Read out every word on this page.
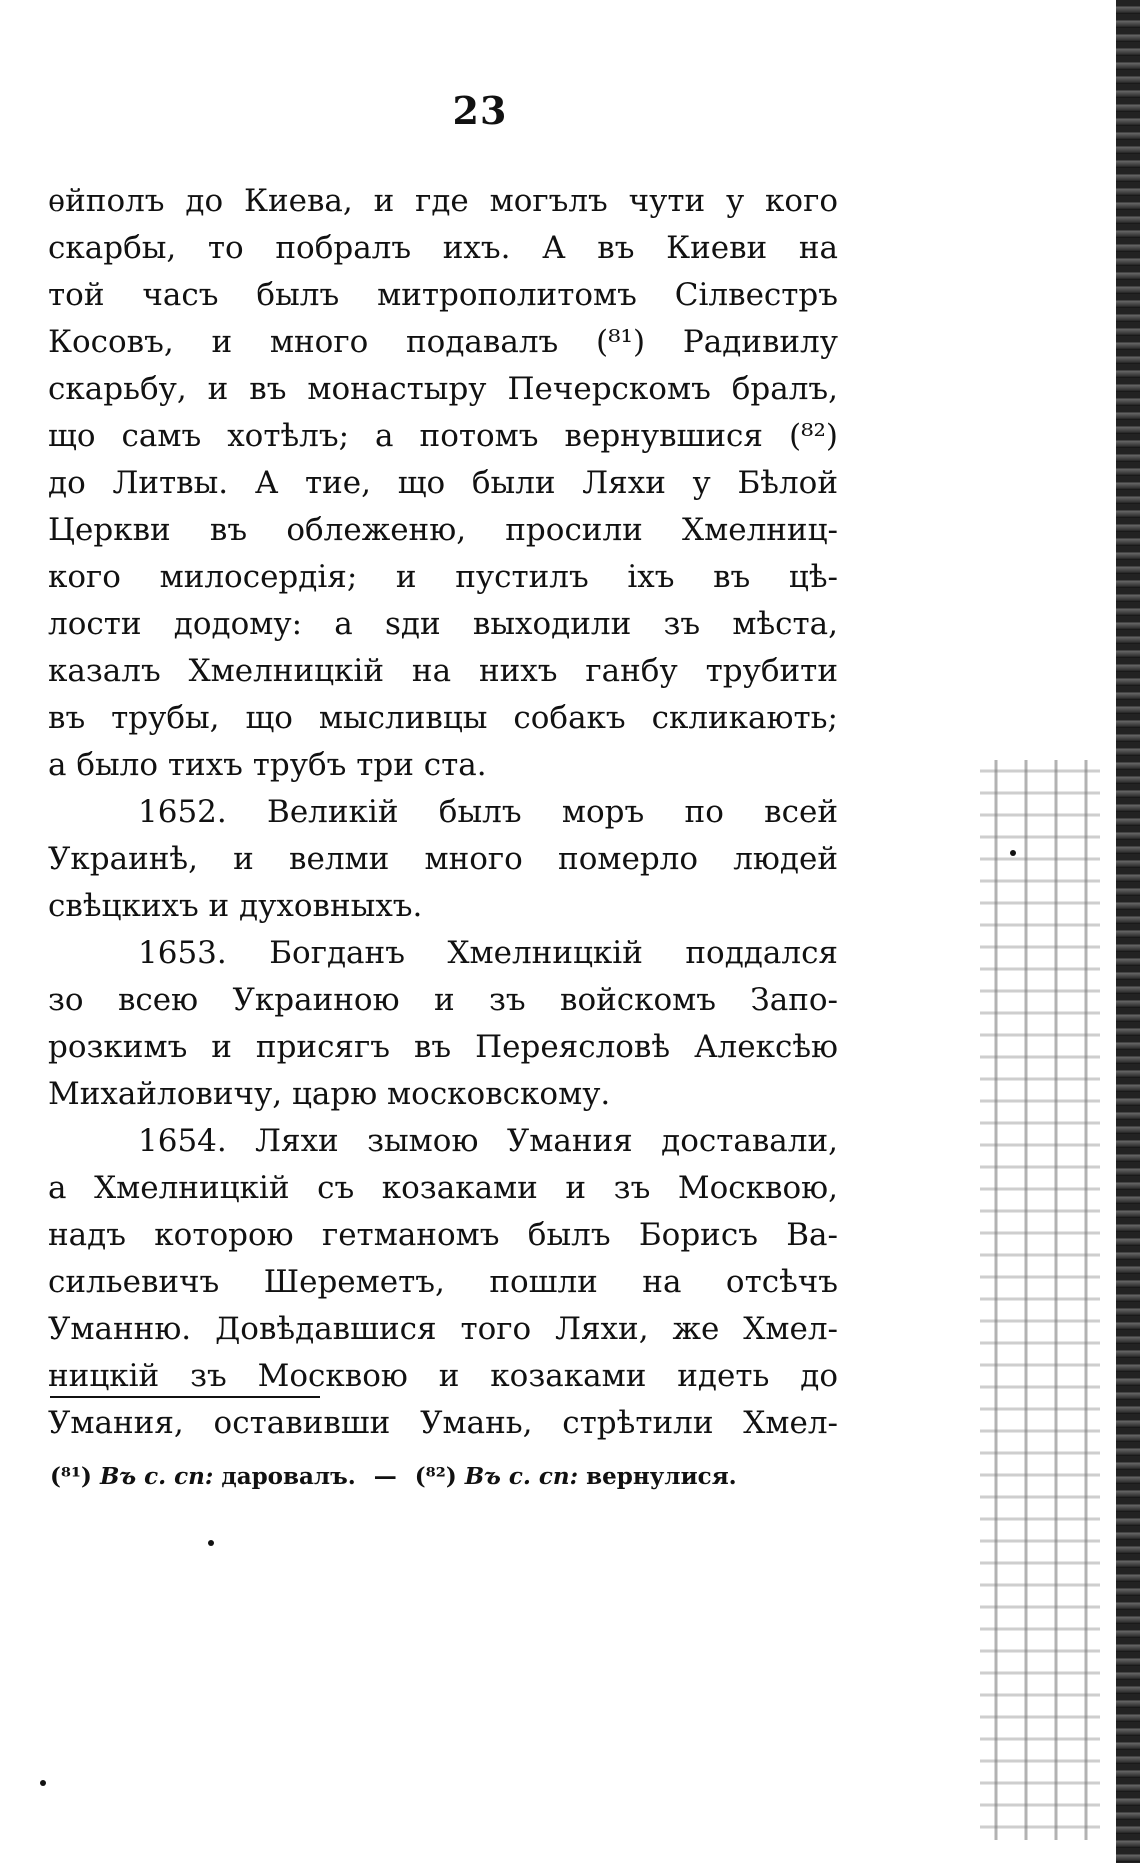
23
ѳйполъ до Киева, и где могълъ чути у кого
скарбы, то побралъ ихъ. А въ Киеви на
той часъ былъ митрополитомъ Сілвестръ
Косовъ, и много подавалъ (⁸¹) Радивилу
скарьбу, и въ монастыру Печерскомъ бралъ,
що самъ хотѣлъ; а потомъ вернувшися (⁸²)
до Литвы. А тие, що были Ляхи у Бѣлой
Церкви въ облеженю, просили Хмелниц-
кого милосердія; и пустилъ іхъ въ цѣ-
лости додому: а ѕди выходили зъ мѣста,
казалъ Хмелницкій на нихъ ганбу трубити
въ трубы, що мысливцы собакъ скликають;
а было тихъ трубъ три ста.
1652. Великій былъ моръ по всей
Украинѣ, и велми много померло людей
свѣцкихъ и духовныхъ.
1653. Богданъ Хмелницкій поддался
зо всею Украиною и зъ войскомъ Запо-
розкимъ и присягъ въ Переясловѣ Алексѣю
Михайловичу, царю московскому.
1654. Ляхи зымою Умания доставали,
а Хмелницкій съ козаками и зъ Москвою,
надъ которою гетманомъ былъ Борисъ Ва-
сильевичъ Шереметъ, пошли на отсѣчъ
Уманню. Довѣдавшися того Ляхи, же Хмел-
ницкій зъ Москвою и козаками идеть до
Умания, оставивши Умань, стрѣтили Хмел-
(⁸¹) Въ с. сп: даровалъ. — (⁸²) Въ с. сп: вернулися.
